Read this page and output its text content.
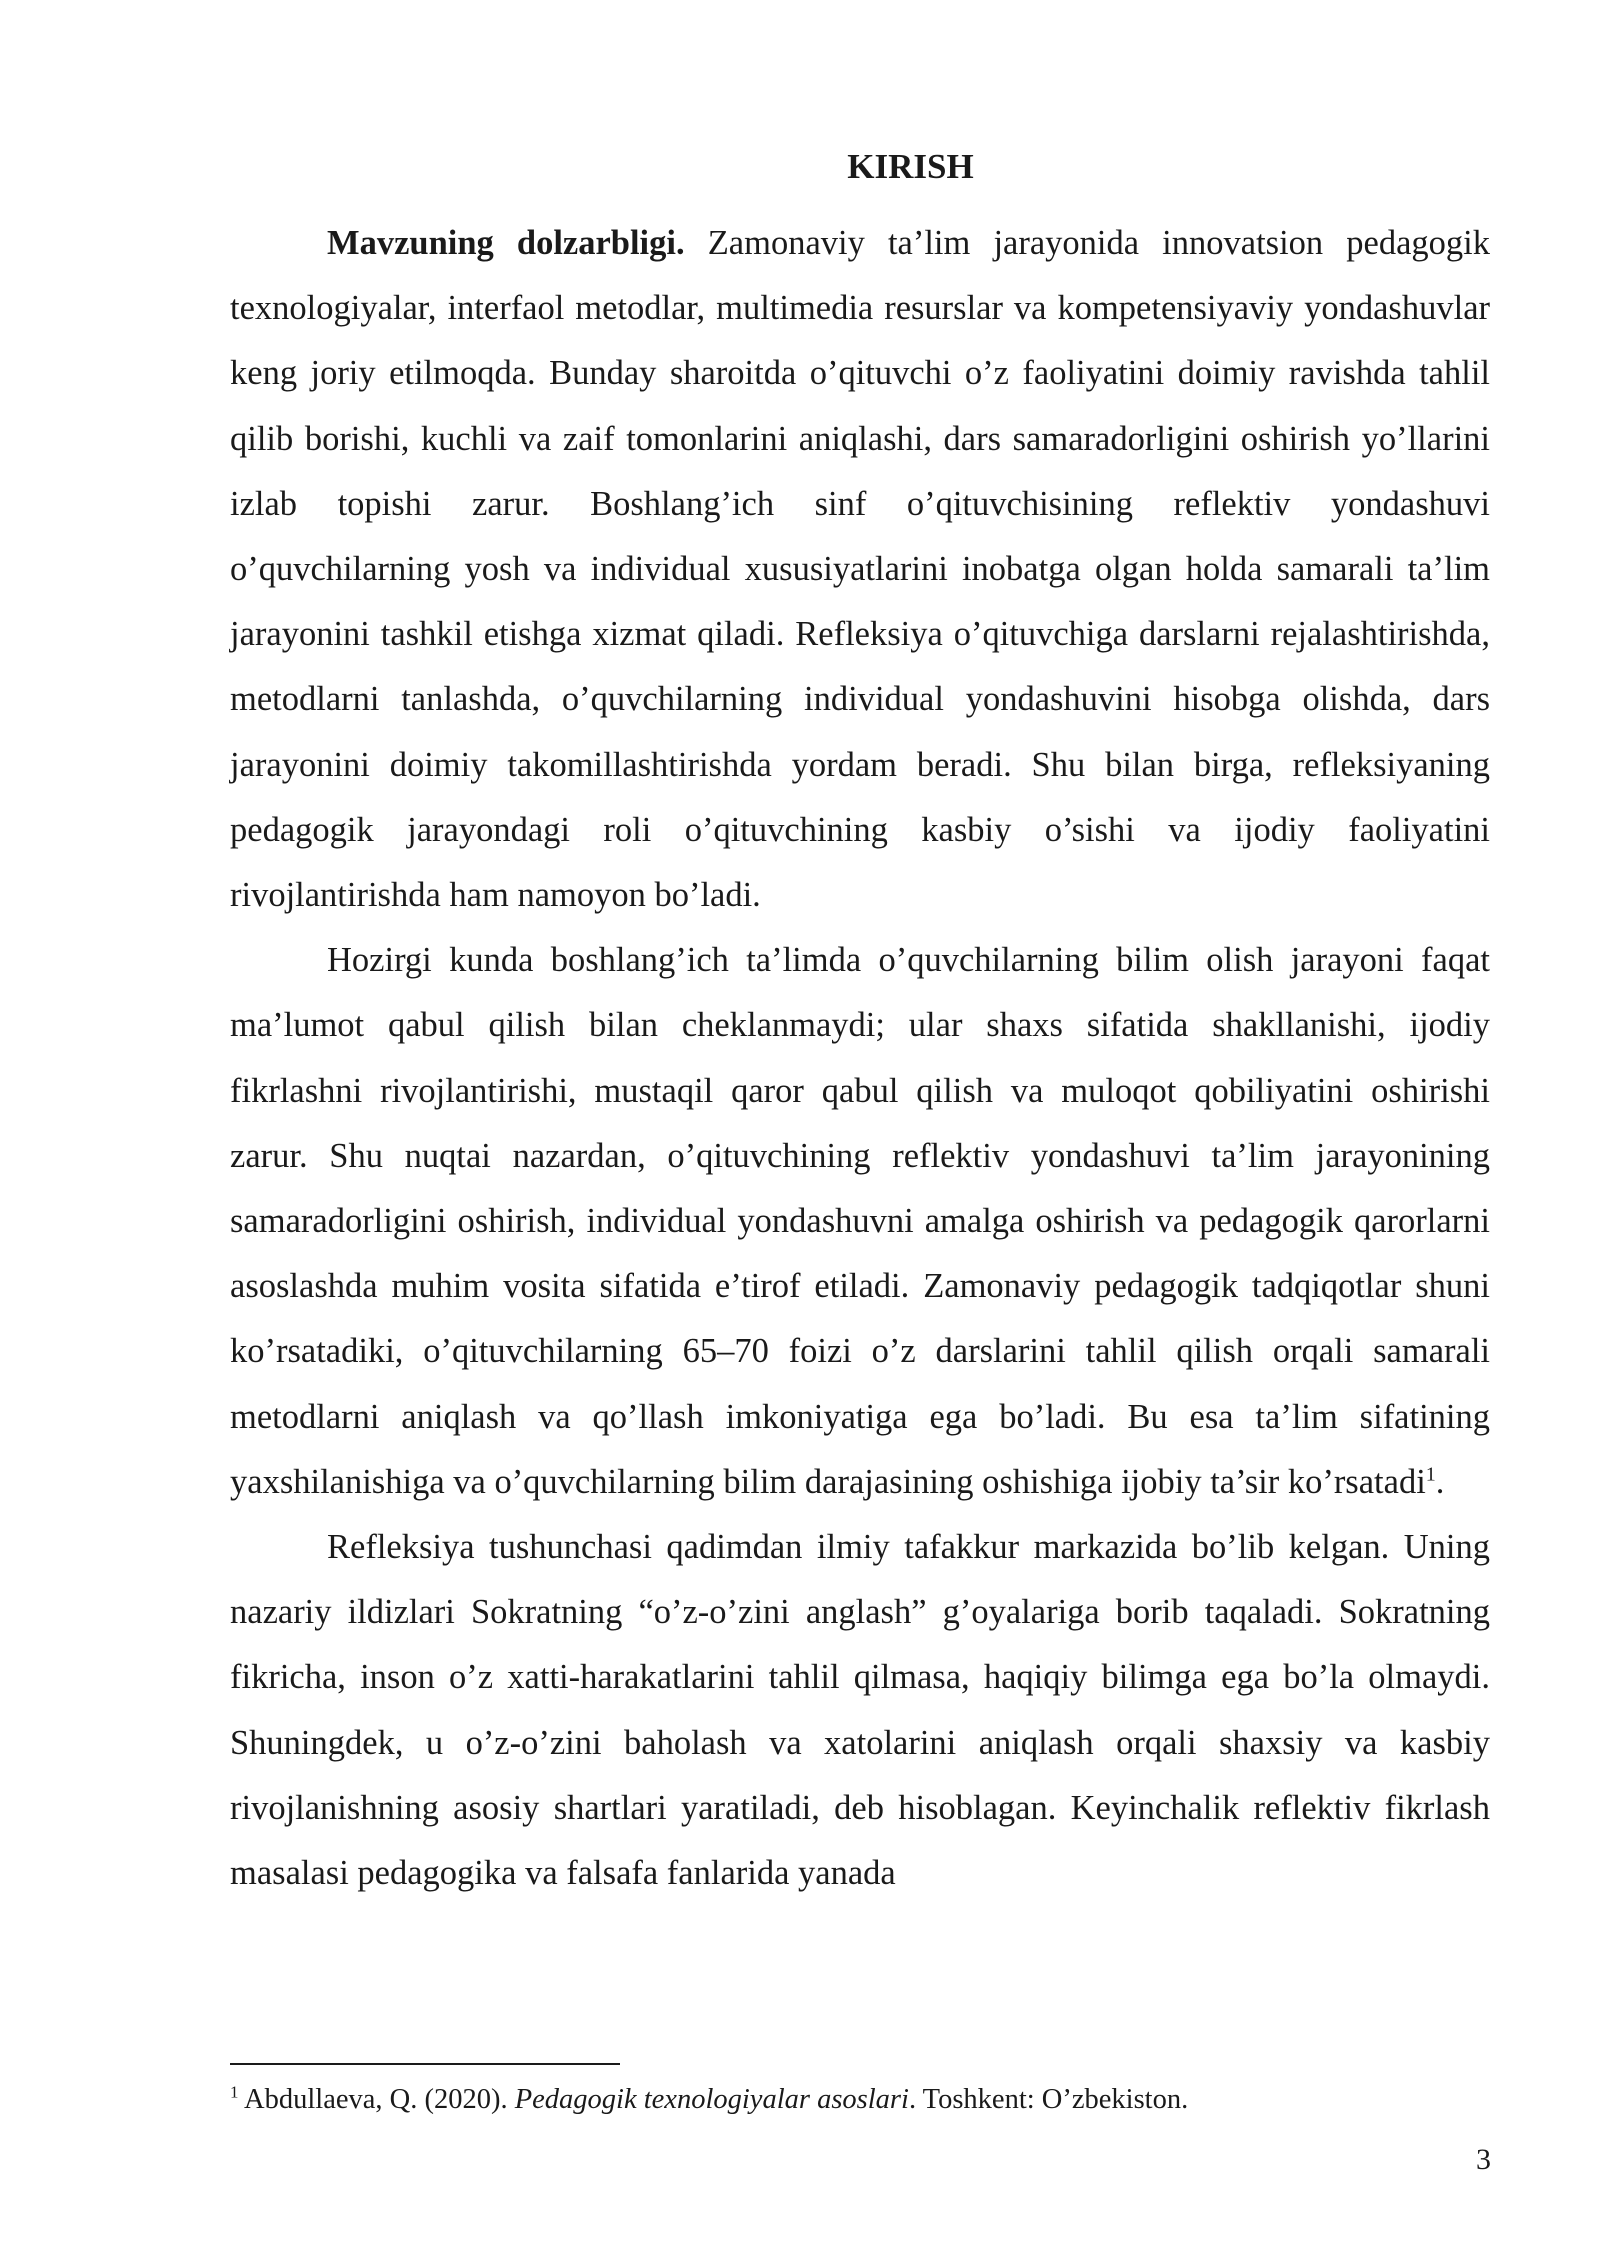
KIRISH

Mavzuning dolzarbligi. Zamonaviy ta’lim jarayonida innovatsion pedagogik texnologiyalar, interfaol metodlar, multimedia resurslar va kompetensiyaviy yondashuvlar keng joriy etilmoqda. Bunday sharoitda o’qituvchi o’z faoliyatini doimiy ravishda tahlil qilib borishi, kuchli va zaif tomonlarini aniqlashi, dars samaradorligini oshirish yo’llarini izlab topishi zarur. Boshlang’ich sinf o’qituvchisining reflektiv yondashuvi o’quvchilarning yosh va individual xususiyatlarini inobatga olgan holda samarali ta’lim jarayonini tashkil etishga xizmat qiladi. Refleksiya o’qituvchiga darslarni rejalashtirishda, metodlarni tanlashda, o’quvchilarning individual yondashuvini hisobga olishda, dars jarayonini doimiy takomillashtirishda yordam beradi. Shu bilan birga, refleksiyaning pedagogik jarayondagi roli o’qituvchining kasbiy o’sishi va ijodiy faoliyatini rivojlantirishda ham namoyon bo’ladi.

Hozirgi kunda boshlang’ich ta’limda o’quvchilarning bilim olish jarayoni faqat ma’lumot qabul qilish bilan cheklanmaydi; ular shaxs sifatida shakllanishi, ijodiy fikrlashni rivojlantirishi, mustaqil qaror qabul qilish va muloqot qobiliyatini oshirishi zarur. Shu nuqtai nazardan, o’qituvchining reflektiv yondashuvi ta’lim jarayonining samaradorligini oshirish, individual yondashuvni amalga oshirish va pedagogik qarorlarni asoslashda muhim vosita sifatida e’tirof etiladi. Zamonaviy pedagogik tadqiqotlar shuni ko’rsatadiki, o’qituvchilarning 65–70 foizi o’z darslarini tahlil qilish orqali samarali metodlarni aniqlash va qo’llash imkoniyatiga ega bo’ladi. Bu esa ta’lim sifatining yaxshilanishiga va o’quvchilarning bilim darajasining oshishiga ijobiy ta’sir ko’rsatadi$^1$.

Refleksiya tushunchasi qadimdan ilmiy tafakkur markazida bo’lib kelgan. Uning nazariy ildizlari Sokratning “o’z-o’zini anglash” g’oyalariga borib taqaladi. Sokratning fikricha, inson o’z xatti-harakatlarini tahlil qilmasa, haqiqiy bilimga ega bo’la olmaydi. Shuningdek, u o’z-o’zini baholash va xatolarini aniqlash orqali shaxsiy va kasbiy rivojlanishning asosiy shartlari yaratiladi, deb hisoblagan. Keyinchalik reflektiv fikrlash masalasi pedagogika va falsafa fanlarida yanada

$^1$ Abdullaeva, Q. (2020). Pedagogik texnologiyalar asoslari. Toshkent: O’zbekiston.

3
